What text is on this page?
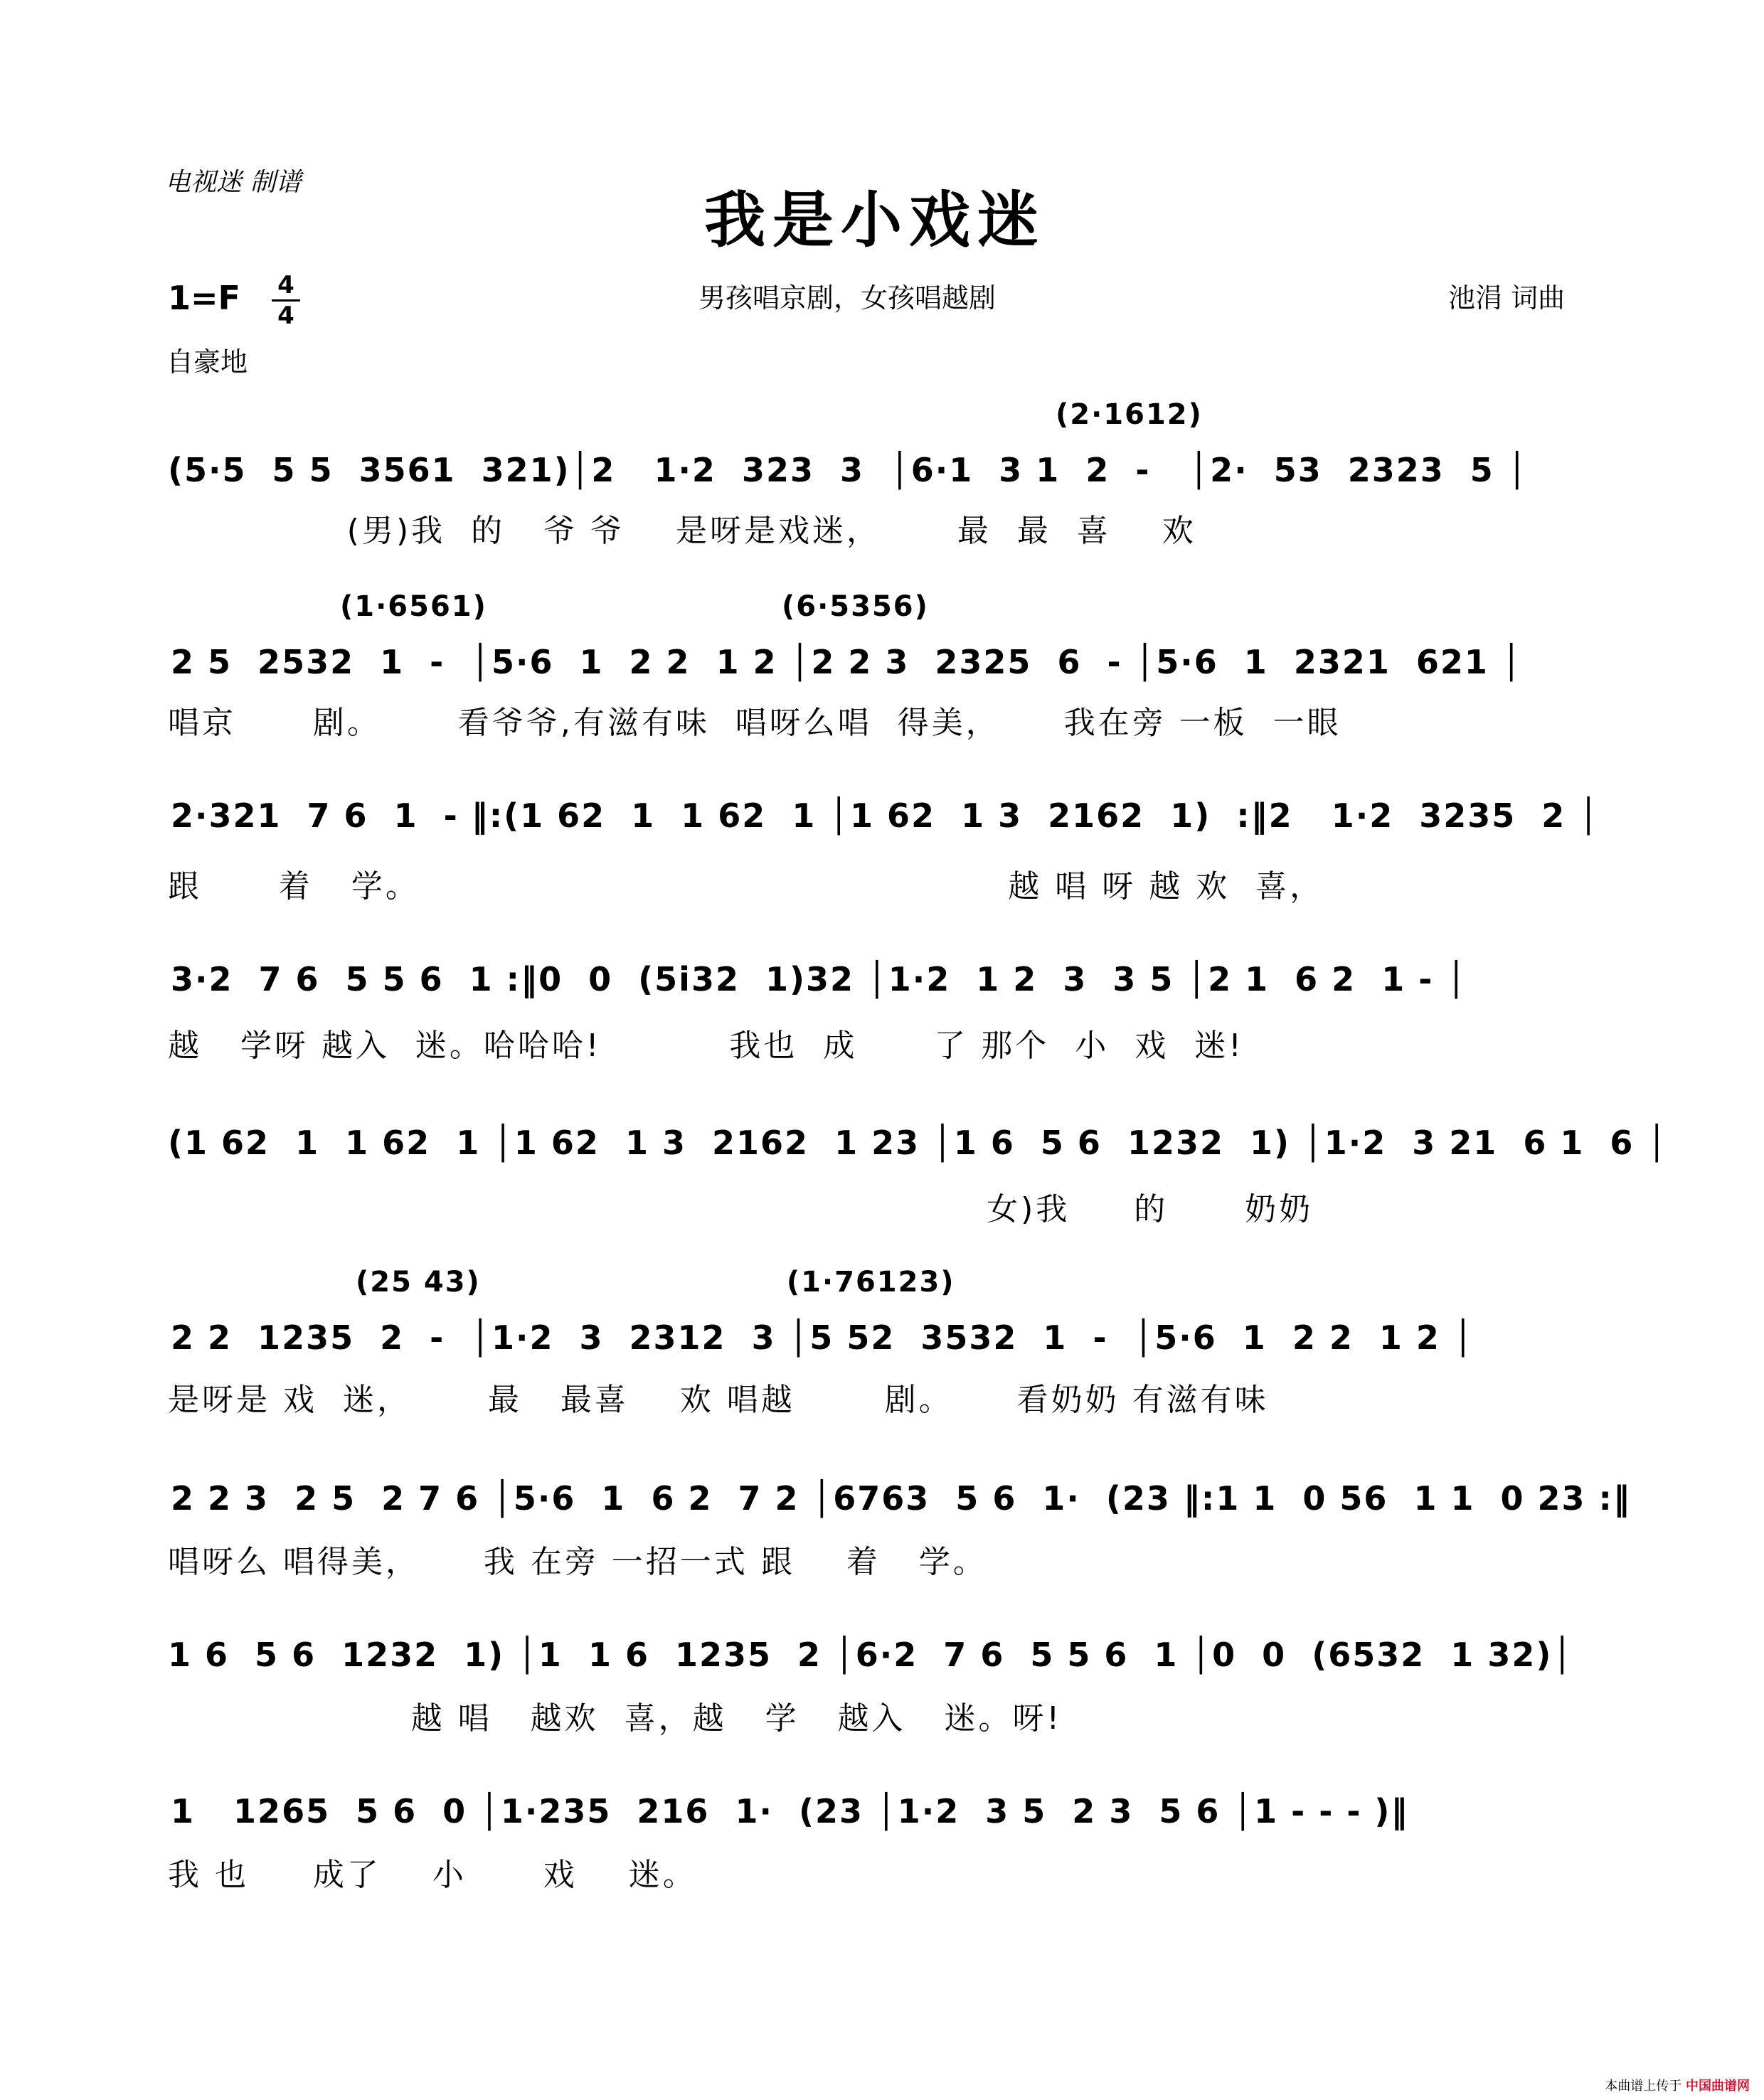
电视迷 制谱
我是小戏迷
1=F 4
4
男孩唱京剧，女孩唱越剧	池涓 词曲
自豪地
(2·1612)
(5·5  5 5  3561  321)│2   1·2  323  3  │6·1  3 1  2  -   │2·  53  2323  5 │
(男)我  的   爷 爷    是呀是戏迷，      最  最  喜    欢
(1·6561)                          (6·5356)
2 5  2532  1  -  │5·6  1  2 2  1 2 │2 2 3  2325  6  - │5·6  1  2321  621 │
唱京      剧。      看爷爷,有滋有味  唱呀么唱  得美，     我在旁 一板  一眼
2·321  7 6  1  - ‖:(1 62  1  1 62  1 │1 62  1 3  2162  1)  :‖2   1·2  3235  2 │
跟      着   学。                                              越 唱 呀 越 欢  喜，
3·2  7 6  5 5 6  1 :‖0  0  (5i32  1)32 │1·2  1 2  3  3 5 │2 1  6 2  1 - │
越   学呀 越入  迷。哈哈哈!          我也  成      了 那个  小  戏  迷!
(1 62  1  1 62  1 │1 62  1 3  2162  1 23 │1 6  5 6  1232  1) │1·2  3 21  6 1  6 │
女)我     的      奶奶
(25 43)                           (1·76123)
2 2  1235  2  -  │1·2  3  2312  3 │5 52  3532  1  -  │5·6  1  2 2  1 2 │
是呀是 戏  迷，      最   最喜    欢 唱越       剧。     看奶奶 有滋有味
2 2 3  2 5  2 7 6 │5·6  1  6 2  7 2 │6763  5 6  1·  (23 ‖:1 1  0 56  1 1  0 23 :‖
唱呀么 唱得美，     我 在旁 一招一式 跟    着   学。
1 6  5 6  1232  1) │1  1 6  1235  2 │6·2  7 6  5 5 6  1 │0  0  (6532  1 32)│
越 唱   越欢  喜，越   学   越入   迷。呀!
1   1265  5 6  0 │1·235  216  1·  (23 │1·2  3 5  2 3  5 6 │1 - - - )‖
我 也     成了    小      戏    迷。
本曲谱上传于 中国曲谱网
